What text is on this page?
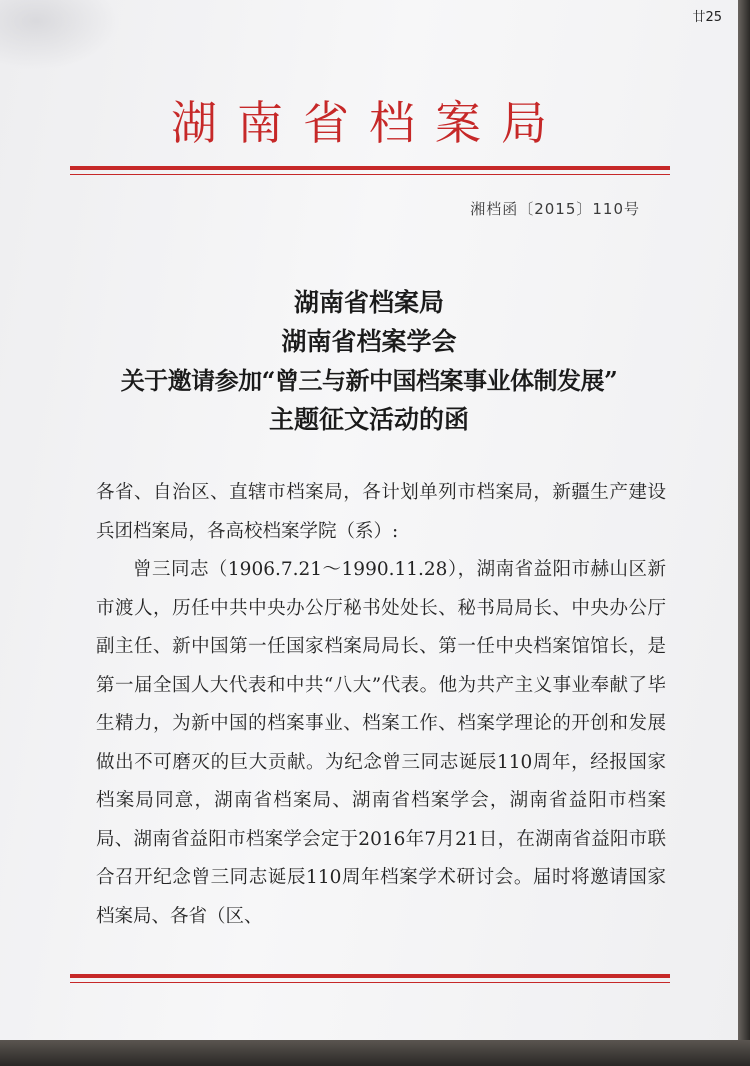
廿25
湖南省档案局
湘档函〔2015〕110号
湖南省档案局
湖南省档案学会
关于邀请参加“曾三与新中国档案事业体制发展”
主题征文活动的函

各省、自治区、直辖市档案局，各计划单列市档案局，新疆生产建设兵团档案局，各高校档案学院（系）:

曾三同志（1906.7.21～1990.11.28），湖南省益阳市赫山区新市渡人，历任中共中央办公厅秘书处处长、秘书局局长、中央办公厅副主任、新中国第一任国家档案局局长、第一任中央档案馆馆长，是第一届全国人大代表和中共“八大”代表。他为共产主义事业奉献了毕生精力，为新中国的档案事业、档案工作、档案学理论的开创和发展做出不可磨灭的巨大贡献。为纪念曾三同志诞辰110周年，经报国家档案局同意，湖南省档案局、湖南省档案学会，湖南省益阳市档案局、湖南省益阳市档案学会定于2016年7月21日，在湖南省益阳市联合召开纪念曾三同志诞辰110周年档案学术研讨会。届时将邀请国家档案局、各省（区、
